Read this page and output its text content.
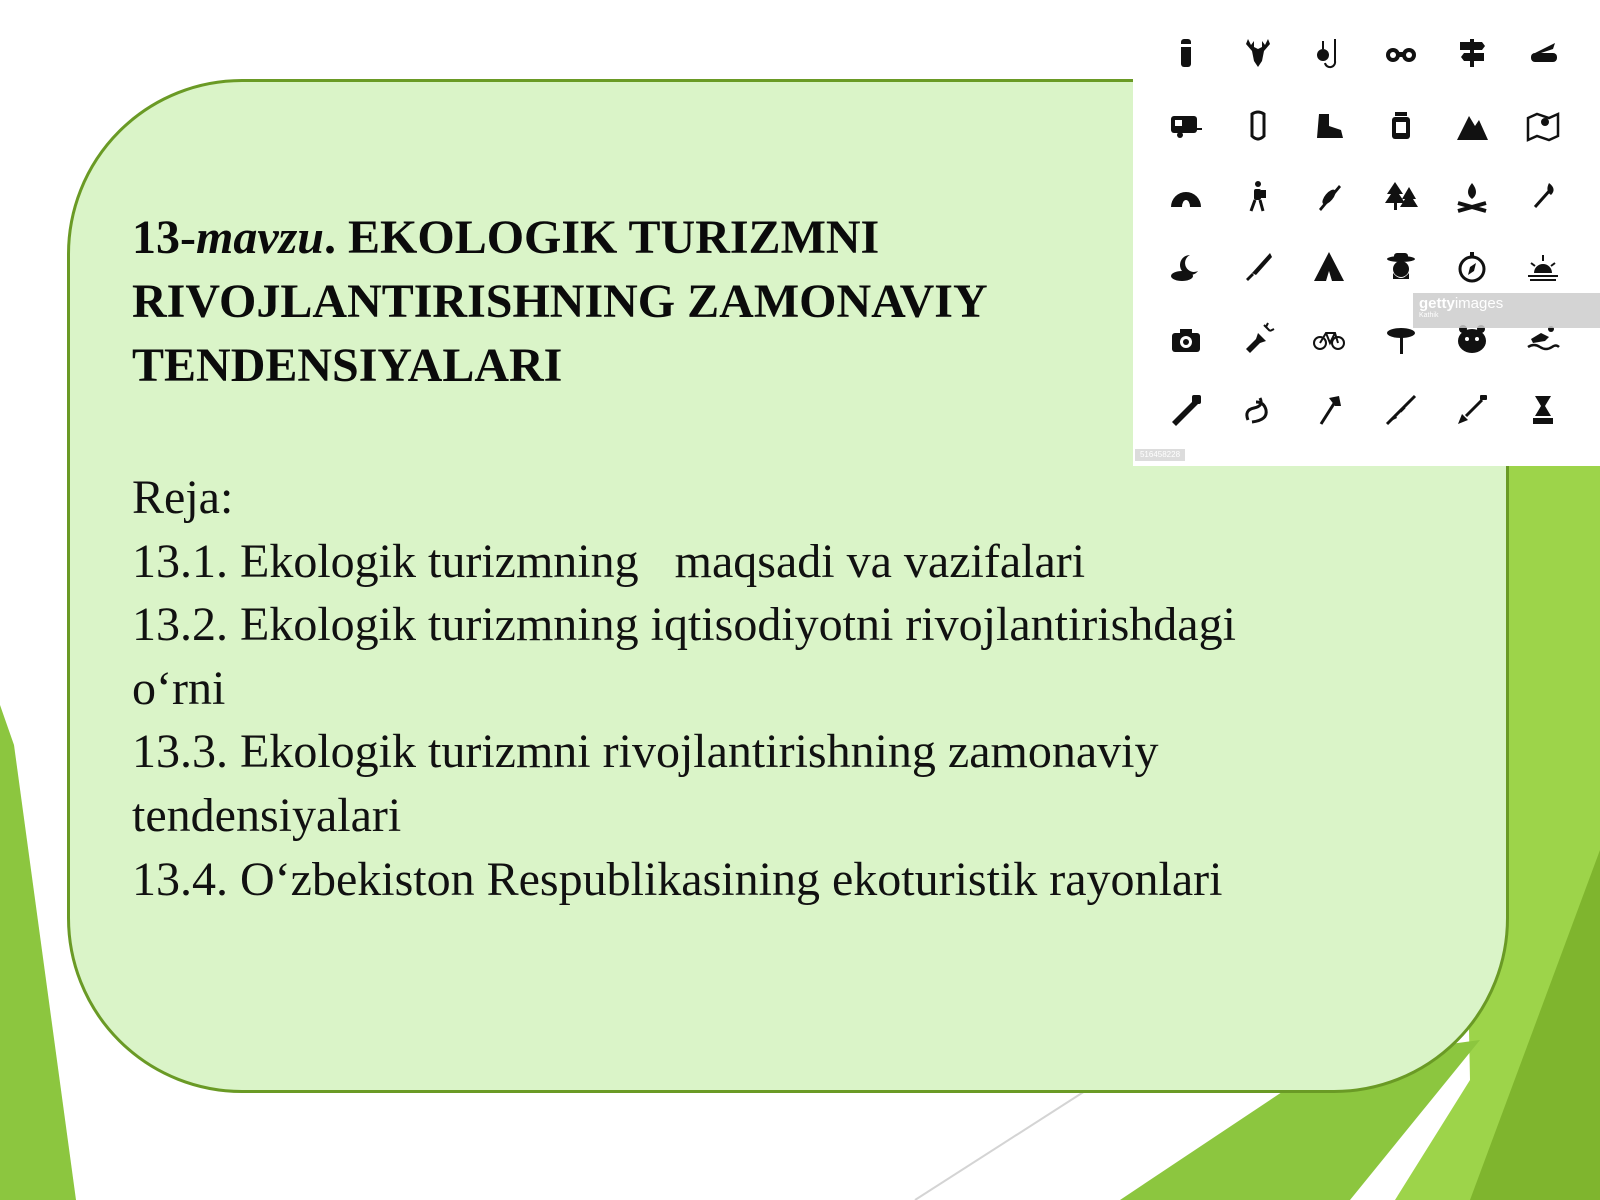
13-mavzu. EKOLOGIK TURIZMNI RIVOJLANTIRISHNING ZAMONAVIY TENDENSIYALARI
Reja:
13.1. Ekologik turizmning   maqsadi va vazifalari
13.2. Ekologik turizmning iqtisodiyotni rivojlantirishdagi
o‘rni
13.3. Ekologik turizmni rivojlantirishning zamonaviy
tendensiyalari
13.4. O‘zbekiston Respublikasining ekoturistik rayonlari
gettyimages
Kathik
516458228
